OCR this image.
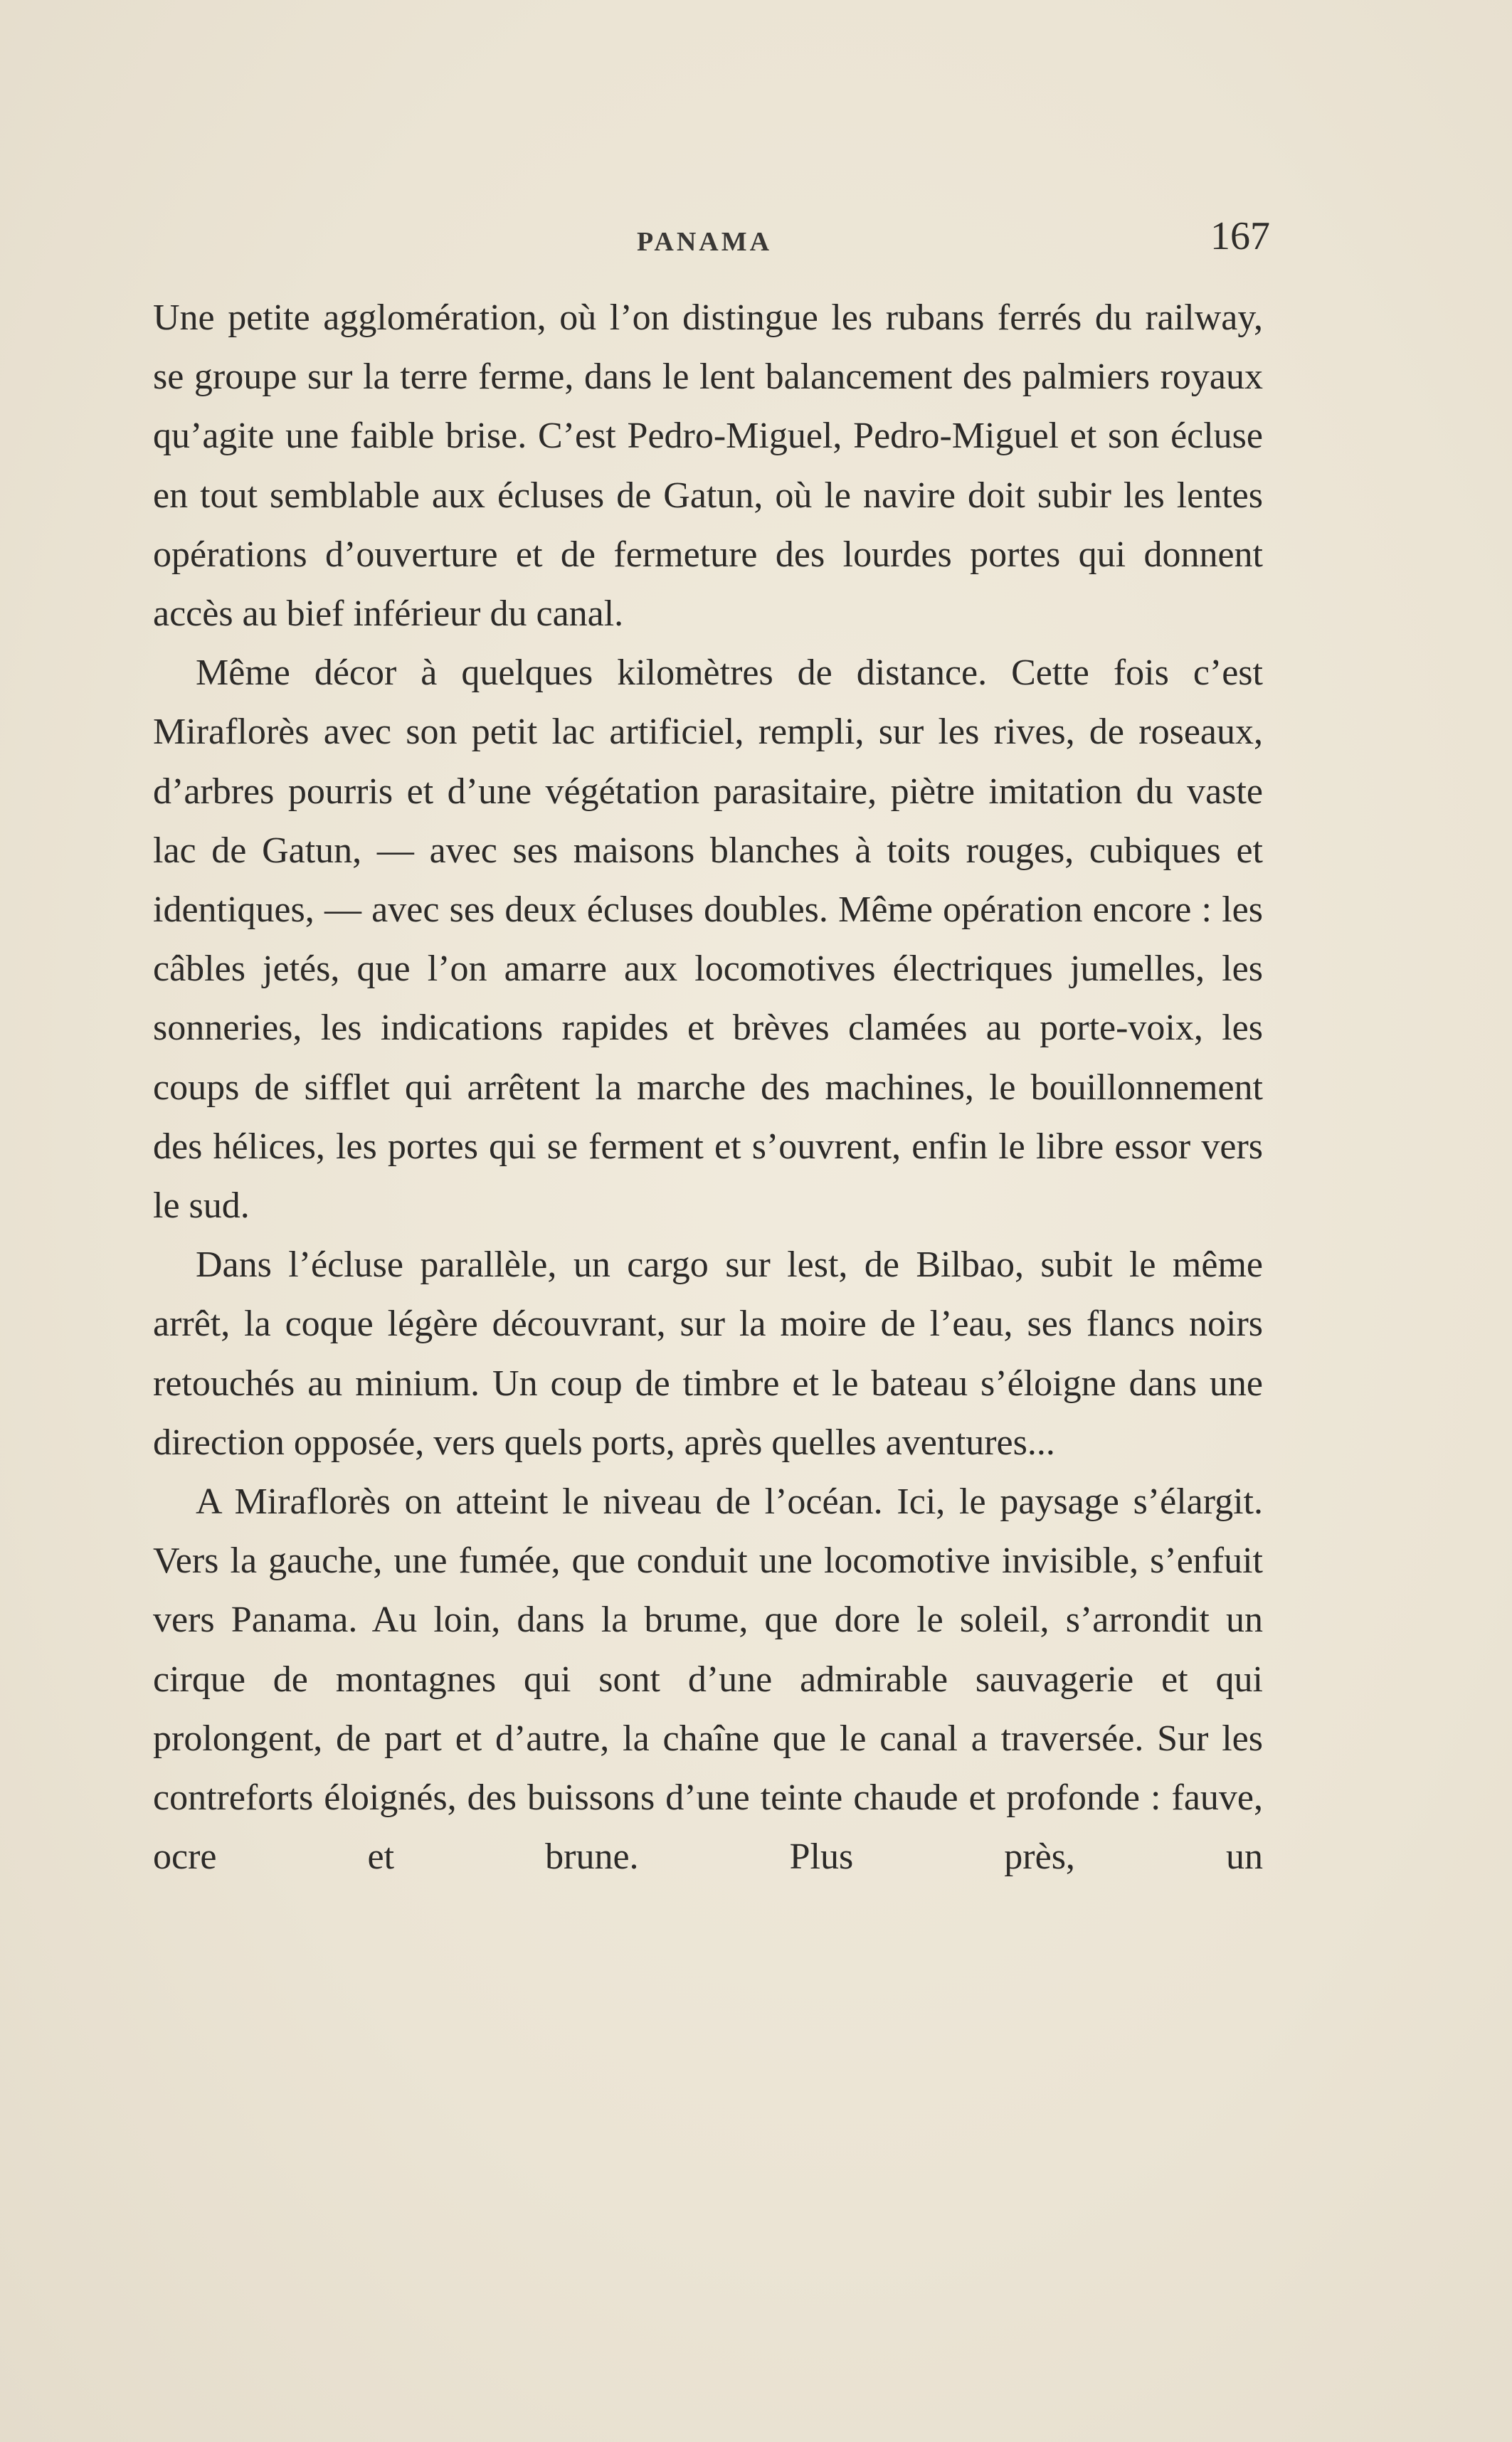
PANAMA	167

Une petite agglomération, où l’on distingue les rubans ferrés du railway, se groupe sur la terre ferme, dans le lent balancement des palmiers royaux qu’agite une faible brise. C’est Pedro-Miguel, Pedro-Miguel et son écluse en tout semblable aux écluses de Gatun, où le navire doit subir les lentes opérations d’ouverture et de fermeture des lourdes portes qui donnent accès au bief inférieur du canal.

Même décor à quelques kilomètres de distance. Cette fois c’est Miraflorès avec son petit lac artificiel, rempli, sur les rives, de roseaux, d’arbres pourris et d’une végétation parasitaire, piètre imitation du vaste lac de Gatun, — avec ses maisons blanches à toits rouges, cubiques et identiques, — avec ses deux écluses doubles. Même opération encore : les câbles jetés, que l’on amarre aux locomotives électriques jumelles, les sonneries, les indications rapides et brèves clamées au porte-voix, les coups de sifflet qui arrêtent la marche des machines, le bouillonnement des hélices, les portes qui se ferment et s’ouvrent, enfin le libre essor vers le sud.

Dans l’écluse parallèle, un cargo sur lest, de Bilbao, subit le même arrêt, la coque légère découvrant, sur la moire de l’eau, ses flancs noirs retouchés au minium. Un coup de timbre et le bateau s’éloigne dans une direction opposée, vers quels ports, après quelles aventures...

A Miraflorès on atteint le niveau de l’océan. Ici, le paysage s’élargit. Vers la gauche, une fumée, que conduit une locomotive invisible, s’enfuit vers Panama. Au loin, dans la brume, que dore le soleil, s’arrondit un cirque de montagnes qui sont d’une admirable sauvagerie et qui prolongent, de part et d’autre, la chaîne que le canal a traversée. Sur les contreforts éloignés, des buissons d’une teinte chaude et profonde : fauve, ocre et brune. Plus près, un
